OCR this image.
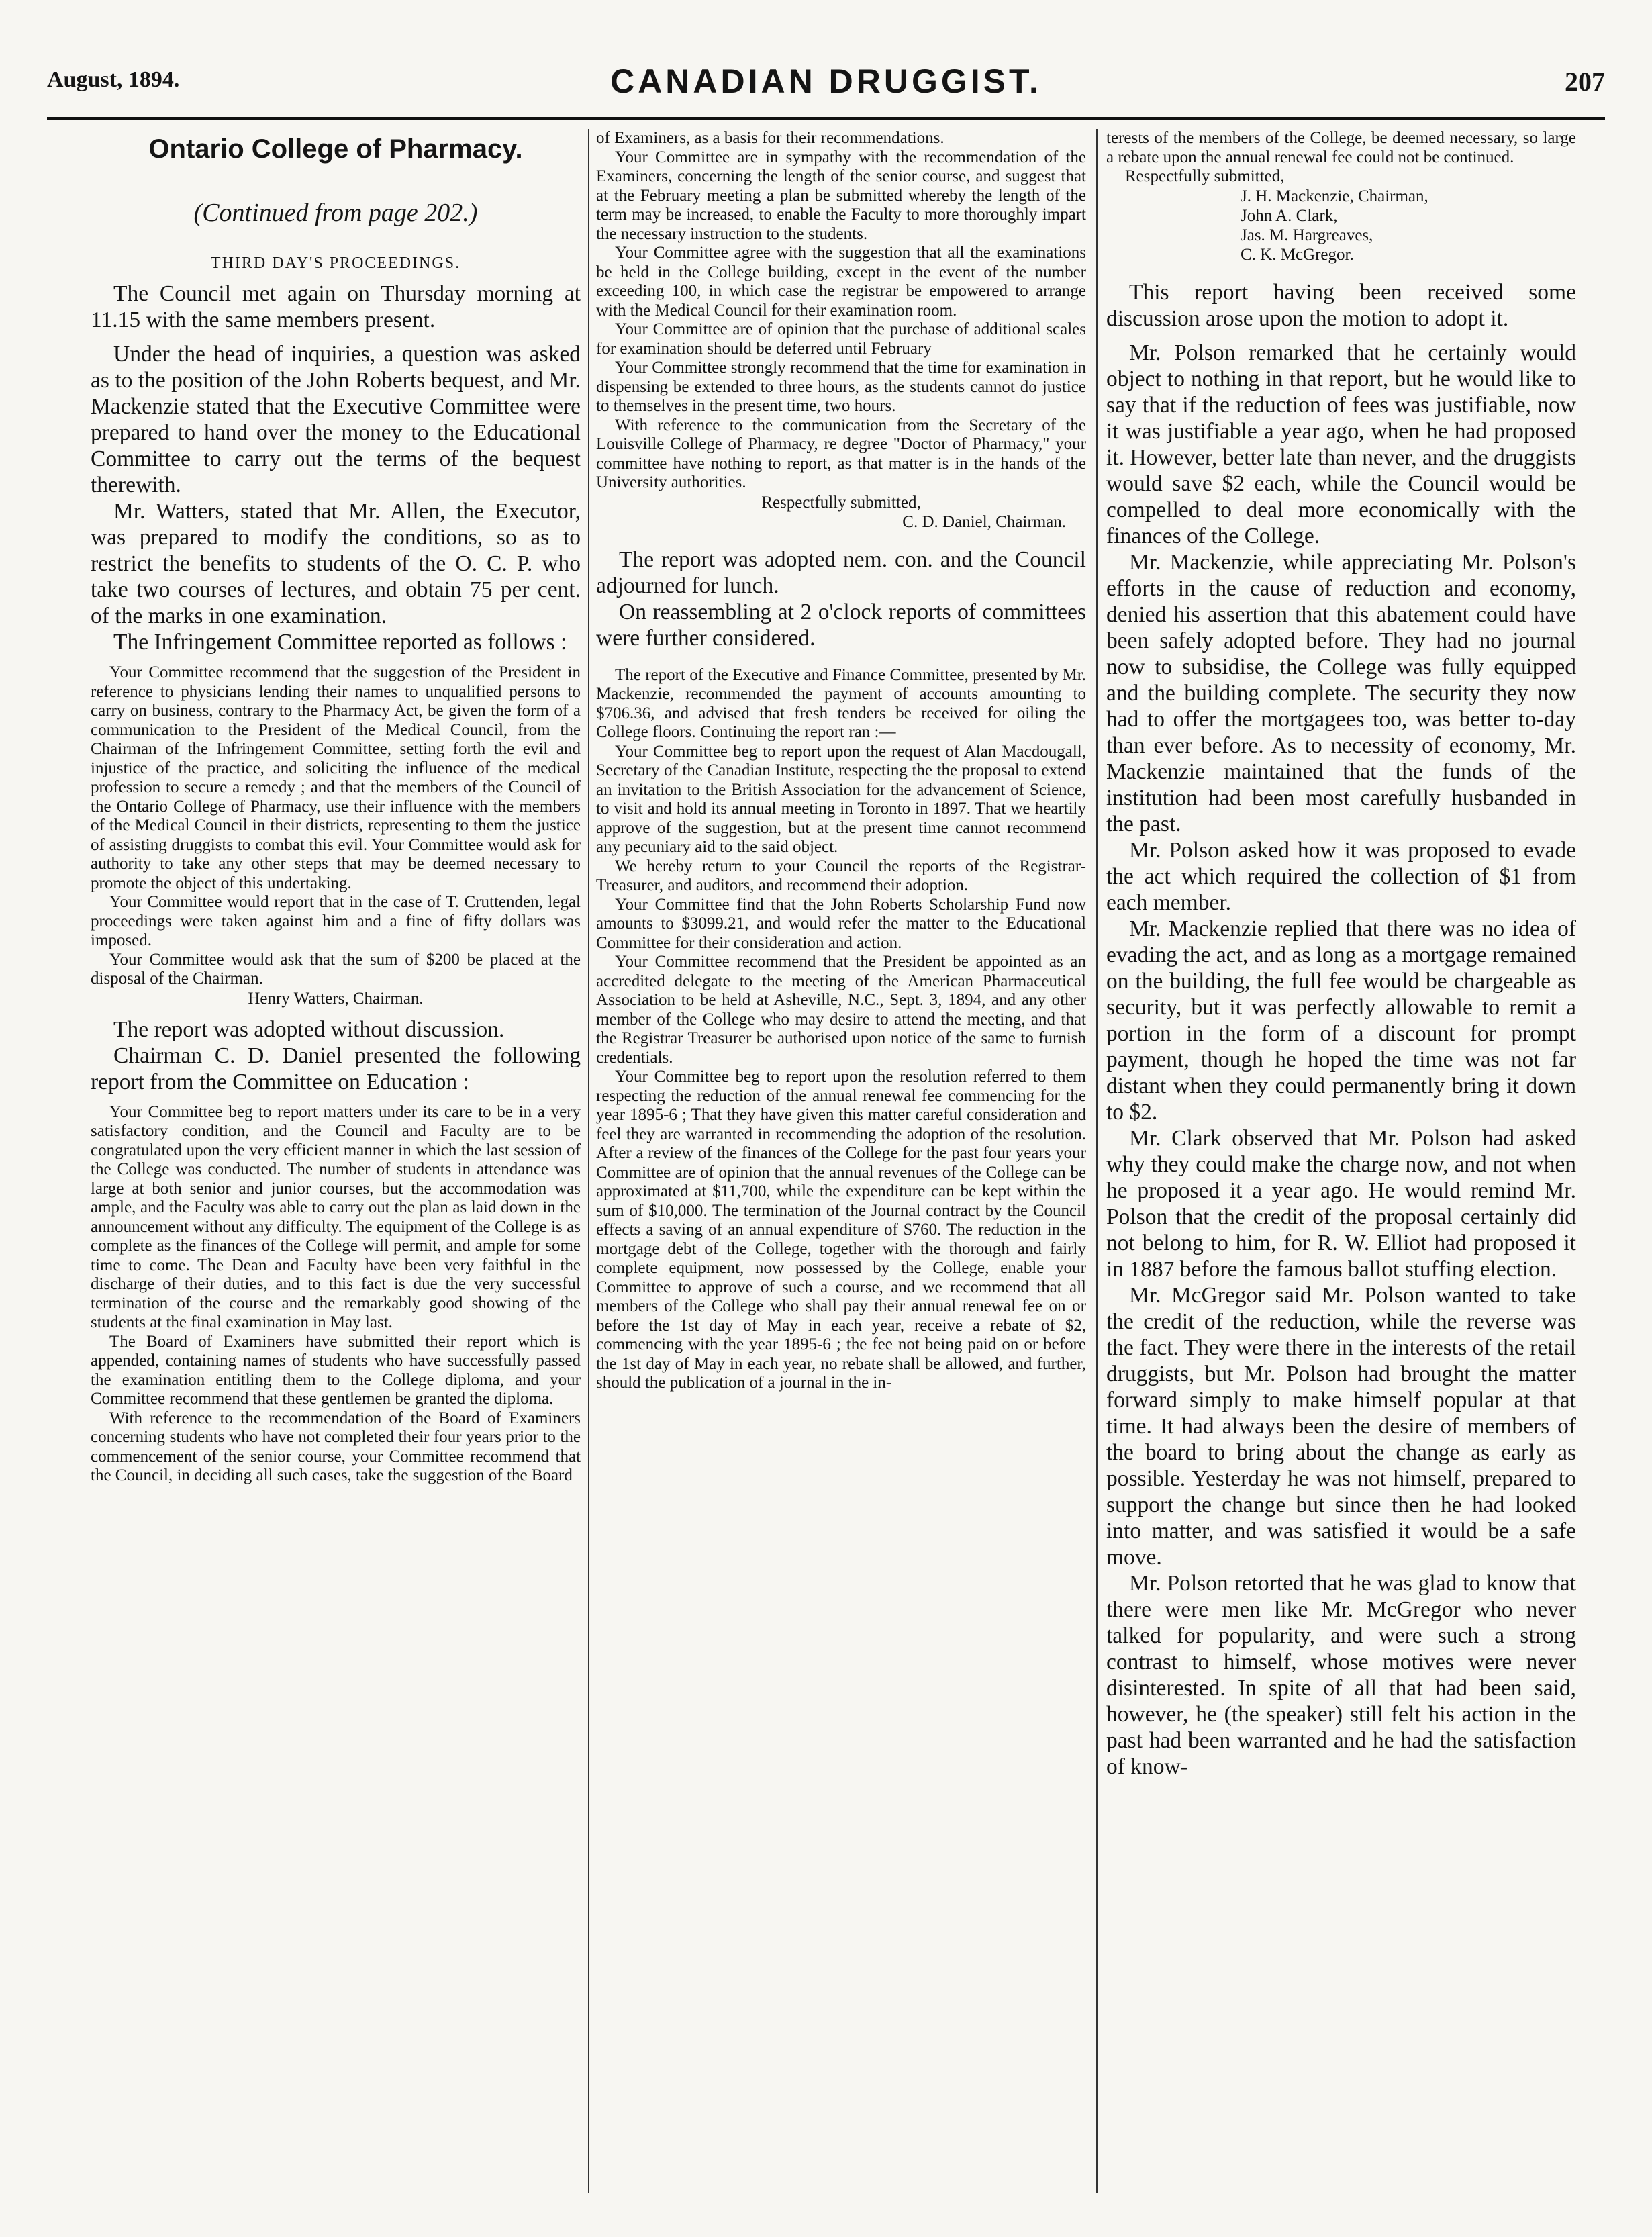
August, 1894.	CANADIAN DRUGGIST.	207

Ontario College of Pharmacy.

(Continued from page 202.)

THIRD DAY'S PROCEEDINGS.

The Council met again on Thursday morning at 11.15 with the same members present.

Under the head of inquiries, a question was asked as to the position of the John Roberts bequest, and Mr. Mackenzie stated that the Executive Committee were prepared to hand over the money to the Educational Committee to carry out the terms of the bequest therewith.

Mr. Watters, stated that Mr. Allen, the Executor, was prepared to modify the conditions, so as to restrict the benefits to students of the O. C. P. who take two courses of lectures, and obtain 75 per cent. of the marks in one examination.

The Infringement Committee reported as follows :

Your Committee recommend that the suggestion of the President in reference to physicians lending their names to unqualified persons to carry on business, contrary to the Pharmacy Act, be given the form of a communication to the President of the Medical Council, from the Chairman of the Infringement Committee, setting forth the evil and injustice of the practice, and soliciting the influence of the medical profession to secure a remedy ; and that the members of the Council of the Ontario College of Pharmacy, use their influence with the members of the Medical Council in their districts, representing to them the justice of assisting druggists to combat this evil. Your Committee would ask for authority to take any other steps that may be deemed necessary to promote the object of this undertaking.

Your Committee would report that in the case of T. Cruttenden, legal proceedings were taken against him and a fine of fifty dollars was imposed.

Your Committee would ask that the sum of $200 be placed at the disposal of the Chairman.

Henry Watters, Chairman.

The report was adopted without discussion.

Chairman C. D. Daniel presented the following report from the Committee on Education :

Your Committee beg to report matters under its care to be in a very satisfactory condition, and the Council and Faculty are to be congratulated upon the very efficient manner in which the last session of the College was conducted. The number of students in attendance was large at both senior and junior courses, but the accommodation was ample, and the Faculty was able to carry out the plan as laid down in the announcement without any difficulty. The equipment of the College is as complete as the finances of the College will permit, and ample for some time to come. The Dean and Faculty have been very faithful in the discharge of their duties, and to this fact is due the very successful termination of the course and the remarkably good showing of the students at the final examination in May last.

The Board of Examiners have submitted their report which is appended, containing names of students who have successfully passed the examination entitling them to the College diploma, and your Committee recommend that these gentlemen be granted the diploma.

With reference to the recommendation of the Board of Examiners concerning students who have not completed their four years prior to the commencement of the senior course, your Committee recommend that the Council, in deciding all such cases, take the suggestion of the Board

of Examiners, as a basis for their recommendations.

Your Committee are in sympathy with the recommendation of the Examiners, concerning the length of the senior course, and suggest that at the February meeting a plan be submitted whereby the length of the term may be increased, to enable the Faculty to more thoroughly impart the necessary instruction to the students.

Your Committee agree with the suggestion that all the examinations be held in the College building, except in the event of the number exceeding 100, in which case the registrar be empowered to arrange with the Medical Council for their examination room.

Your Committee are of opinion that the purchase of additional scales for examination should be deferred until February

Your Committee strongly recommend that the time for examination in dispensing be extended to three hours, as the students cannot do justice to themselves in the present time, two hours.

With reference to the communication from the Secretary of the Louisville College of Pharmacy, re degree "Doctor of Pharmacy," your committee have nothing to report, as that matter is in the hands of the University authorities.

Respectfully submitted,

C. D. Daniel, Chairman.

The report was adopted nem. con. and the Council adjourned for lunch.

On reassembling at 2 o'clock reports of committees were further considered.

The report of the Executive and Finance Committee, presented by Mr. Mackenzie, recommended the payment of accounts amounting to $706.36, and advised that fresh tenders be received for oiling the College floors. Continuing the report ran :—

Your Committee beg to report upon the request of Alan Macdougall, Secretary of the Canadian Institute, respecting the the proposal to extend an invitation to the British Association for the advancement of Science, to visit and hold its annual meeting in Toronto in 1897. That we heartily approve of the suggestion, but at the present time cannot recommend any pecuniary aid to the said object.

We hereby return to your Council the reports of the Registrar-Treasurer, and auditors, and recommend their adoption.

Your Committee find that the John Roberts Scholarship Fund now amounts to $3099.21, and would refer the matter to the Educational Committee for their consideration and action.

Your Committee recommend that the President be appointed as an accredited delegate to the meeting of the American Pharmaceutical Association to be held at Asheville, N.C., Sept. 3, 1894, and any other member of the College who may desire to attend the meeting, and that the Registrar Treasurer be authorised upon notice of the same to furnish credentials.

Your Committee beg to report upon the resolution referred to them respecting the reduction of the annual renewal fee commencing for the year 1895-6 ; That they have given this matter careful consideration and feel they are warranted in recommending the adoption of the resolution. After a review of the finances of the College for the past four years your Committee are of opinion that the annual revenues of the College can be approximated at $11,700, while the expenditure can be kept within the sum of $10,000. The termination of the Journal contract by the Council effects a saving of an annual expenditure of $760. The reduction in the mortgage debt of the College, together with the thorough and fairly complete equipment, now possessed by the College, enable your Committee to approve of such a course, and we recommend that all members of the College who shall pay their annual renewal fee on or before the 1st day of May in each year, receive a rebate of $2, commencing with the year 1895-6 ; the fee not being paid on or before the 1st day of May in each year, no rebate shall be allowed, and further, should the publication of a journal in the in-

terests of the members of the College, be deemed necessary, so large a rebate upon the annual renewal fee could not be continued.

Respectfully submitted,

J. H. Mackenzie, Chairman,

John A. Clark,

Jas. M. Hargreaves,

C. K. McGregor.

This report having been received some discussion arose upon the motion to adopt it.

Mr. Polson remarked that he certainly would object to nothing in that report, but he would like to say that if the reduction of fees was justifiable, now it was justifiable a year ago, when he had proposed it. However, better late than never, and the druggists would save $2 each, while the Council would be compelled to deal more economically with the finances of the College.

Mr. Mackenzie, while appreciating Mr. Polson's efforts in the cause of reduction and economy, denied his assertion that this abatement could have been safely adopted before. They had no journal now to subsidise, the College was fully equipped and the building complete. The security they now had to offer the mortgagees too, was better to-day than ever before. As to necessity of economy, Mr. Mackenzie maintained that the funds of the institution had been most carefully husbanded in the past.

Mr. Polson asked how it was proposed to evade the act which required the collection of $1 from each member.

Mr. Mackenzie replied that there was no idea of evading the act, and as long as a mortgage remained on the building, the full fee would be chargeable as security, but it was perfectly allowable to remit a portion in the form of a discount for prompt payment, though he hoped the time was not far distant when they could permanently bring it down to $2.

Mr. Clark observed that Mr. Polson had asked why they could make the charge now, and not when he proposed it a year ago. He would remind Mr. Polson that the credit of the proposal certainly did not belong to him, for R. W. Elliot had proposed it in 1887 before the famous ballot stuffing election.

Mr. McGregor said Mr. Polson wanted to take the credit of the reduction, while the reverse was the fact. They were there in the interests of the retail druggists, but Mr. Polson had brought the matter forward simply to make himself popular at that time. It had always been the desire of members of the board to bring about the change as early as possible. Yesterday he was not himself, prepared to support the change but since then he had looked into matter, and was satisfied it would be a safe move.

Mr. Polson retorted that he was glad to know that there were men like Mr. McGregor who never talked for popularity, and were such a strong contrast to himself, whose motives were never disinterested. In spite of all that had been said, however, he (the speaker) still felt his action in the past had been warranted and he had the satisfaction of know-
